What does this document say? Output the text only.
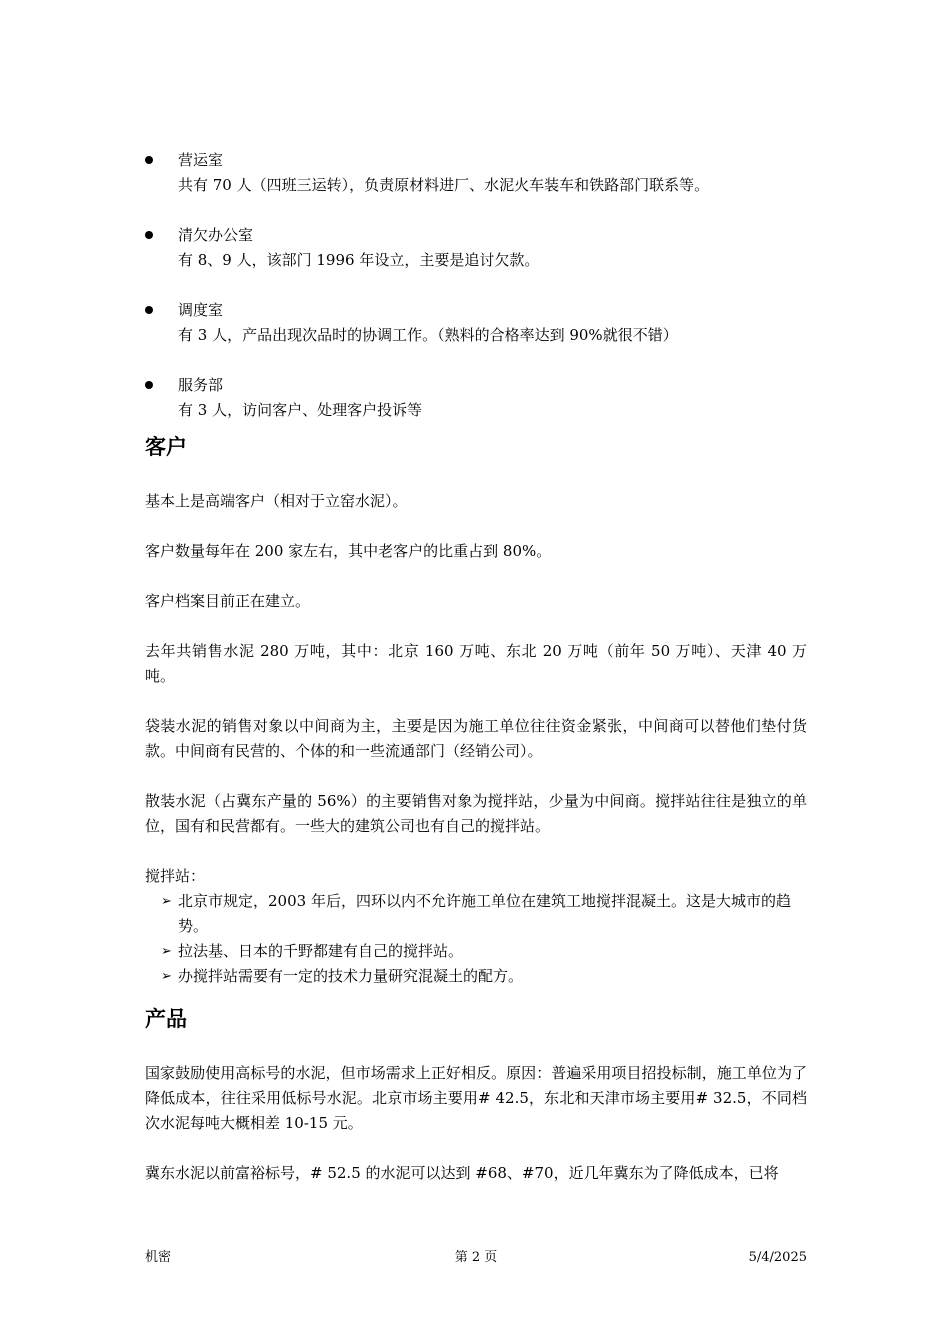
营运室
共有 70 人（四班三运转），负责原材料进厂、水泥火车装车和铁路部门联系等。
清欠办公室
有 8、9 人，该部门 1996 年设立，主要是追讨欠款。
调度室
有 3 人，产品出现次品时的协调工作。（熟料的合格率达到 90%就很不错）
服务部
有 3 人，访问客户、处理客户投诉等
客户

基本上是高端客户（相对于立窑水泥）。

客户数量每年在 200 家左右，其中老客户的比重占到 80%。

客户档案目前正在建立。

去年共销售水泥 280 万吨，其中：北京 160 万吨、东北 20 万吨（前年 50 万吨）、天津 40 万吨。

袋装水泥的销售对象以中间商为主，主要是因为施工单位往往资金紧张，中间商可以替他们垫付货款。中间商有民营的、个体的和一些流通部门（经销公司）。

散装水泥（占冀东产量的 56%）的主要销售对象为搅拌站，少量为中间商。搅拌站往往是独立的单位，国有和民营都有。一些大的建筑公司也有自己的搅拌站。

搅拌站：

➢ 北京市规定，2003 年后，四环以内不允许施工单位在建筑工地搅拌混凝土。这是大城市的趋势。
➢ 拉法基、日本的千野都建有自己的搅拌站。
➢ 办搅拌站需要有一定的技术力量研究混凝土的配方。
产品

国家鼓励使用高标号的水泥，但市场需求上正好相反。原因：普遍采用项目招投标制，施工单位为了降低成本，往往采用低标号水泥。北京市场主要用# 42.5，东北和天津市场主要用# 32.5，不同档次水泥每吨大概相差 10-15 元。

冀东水泥以前富裕标号，# 52.5 的水泥可以达到 #68、#70，近几年冀东为了降低成本，已将

机密	第 2 页	5/4/2025
